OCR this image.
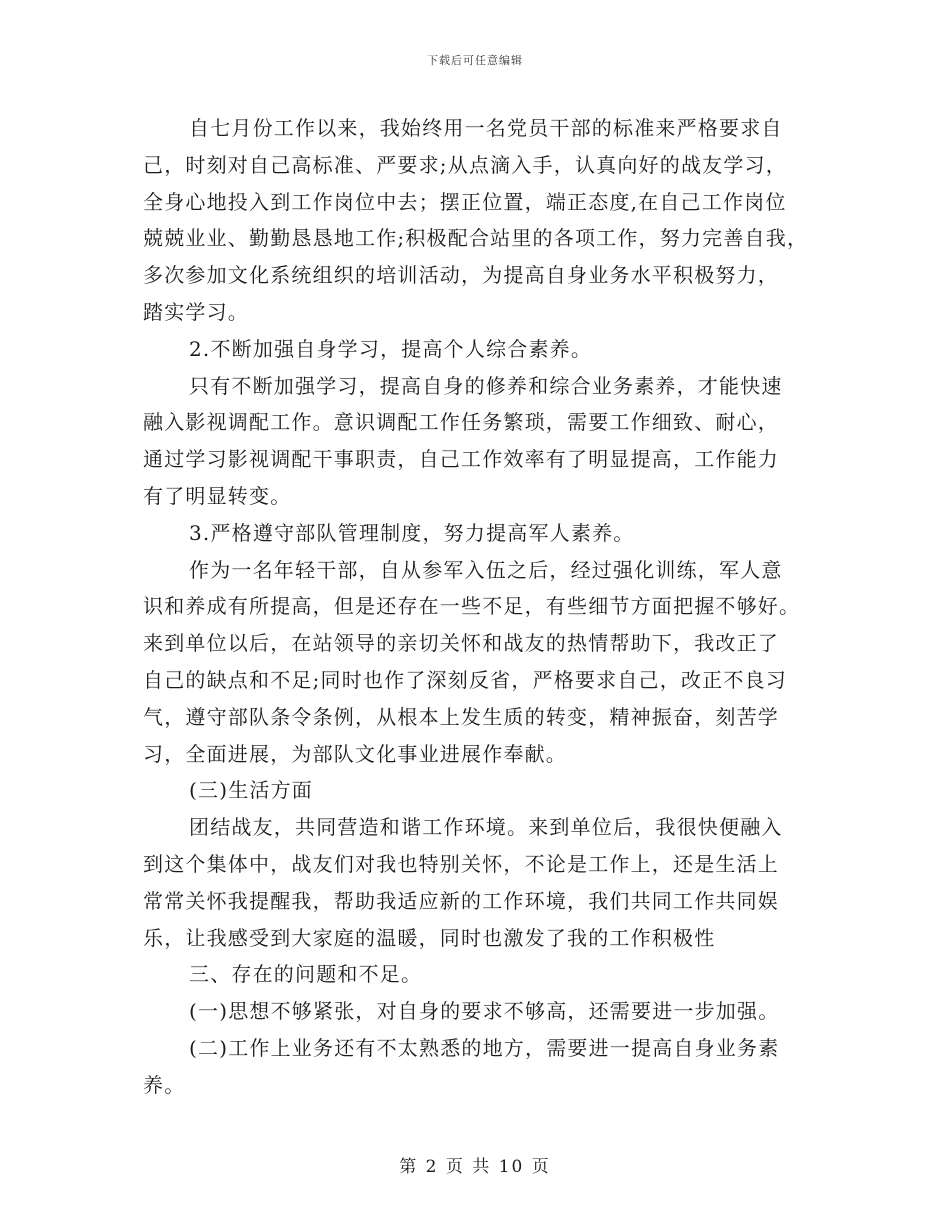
下载后可任意编辑
自七月份工作以来，我始终用一名党员干部的标准来严格要求自
己，时刻对自己高标准、严要求;从点滴入手，认真向好的战友学习，
全身心地投入到工作岗位中去；摆正位置，端正态度,在自己工作岗位
兢兢业业、勤勤恳恳地工作;积极配合站里的各项工作，努力完善自我，
多次参加文化系统组织的培训活动，为提高自身业务水平积极努力，
踏实学习。
2.不断加强自身学习，提高个人综合素养。
只有不断加强学习，提高自身的修养和综合业务素养，才能快速
融入影视调配工作。意识调配工作任务繁琐，需要工作细致、耐心，
通过学习影视调配干事职责，自己工作效率有了明显提高，工作能力
有了明显转变。
3.严格遵守部队管理制度，努力提高军人素养。
作为一名年轻干部，自从参军入伍之后，经过强化训练，军人意
识和养成有所提高，但是还存在一些不足，有些细节方面把握不够好。
来到单位以后，在站领导的亲切关怀和战友的热情帮助下，我改正了
自己的缺点和不足;同时也作了深刻反省，严格要求自己，改正不良习
气，遵守部队条令条例，从根本上发生质的转变，精神振奋，刻苦学
习，全面进展，为部队文化事业进展作奉献。
(三)生活方面
团结战友，共同营造和谐工作环境。来到单位后，我很快便融入
到这个集体中，战友们对我也特别关怀，不论是工作上，还是生活上
常常关怀我提醒我，帮助我适应新的工作环境，我们共同工作共同娱
乐，让我感受到大家庭的温暖，同时也激发了我的工作积极性
三、存在的问题和不足。
(一)思想不够紧张，对自身的要求不够高，还需要进一步加强。
(二)工作上业务还有不太熟悉的地方，需要进一提高自身业务素
养。
第 2 页 共 10 页
